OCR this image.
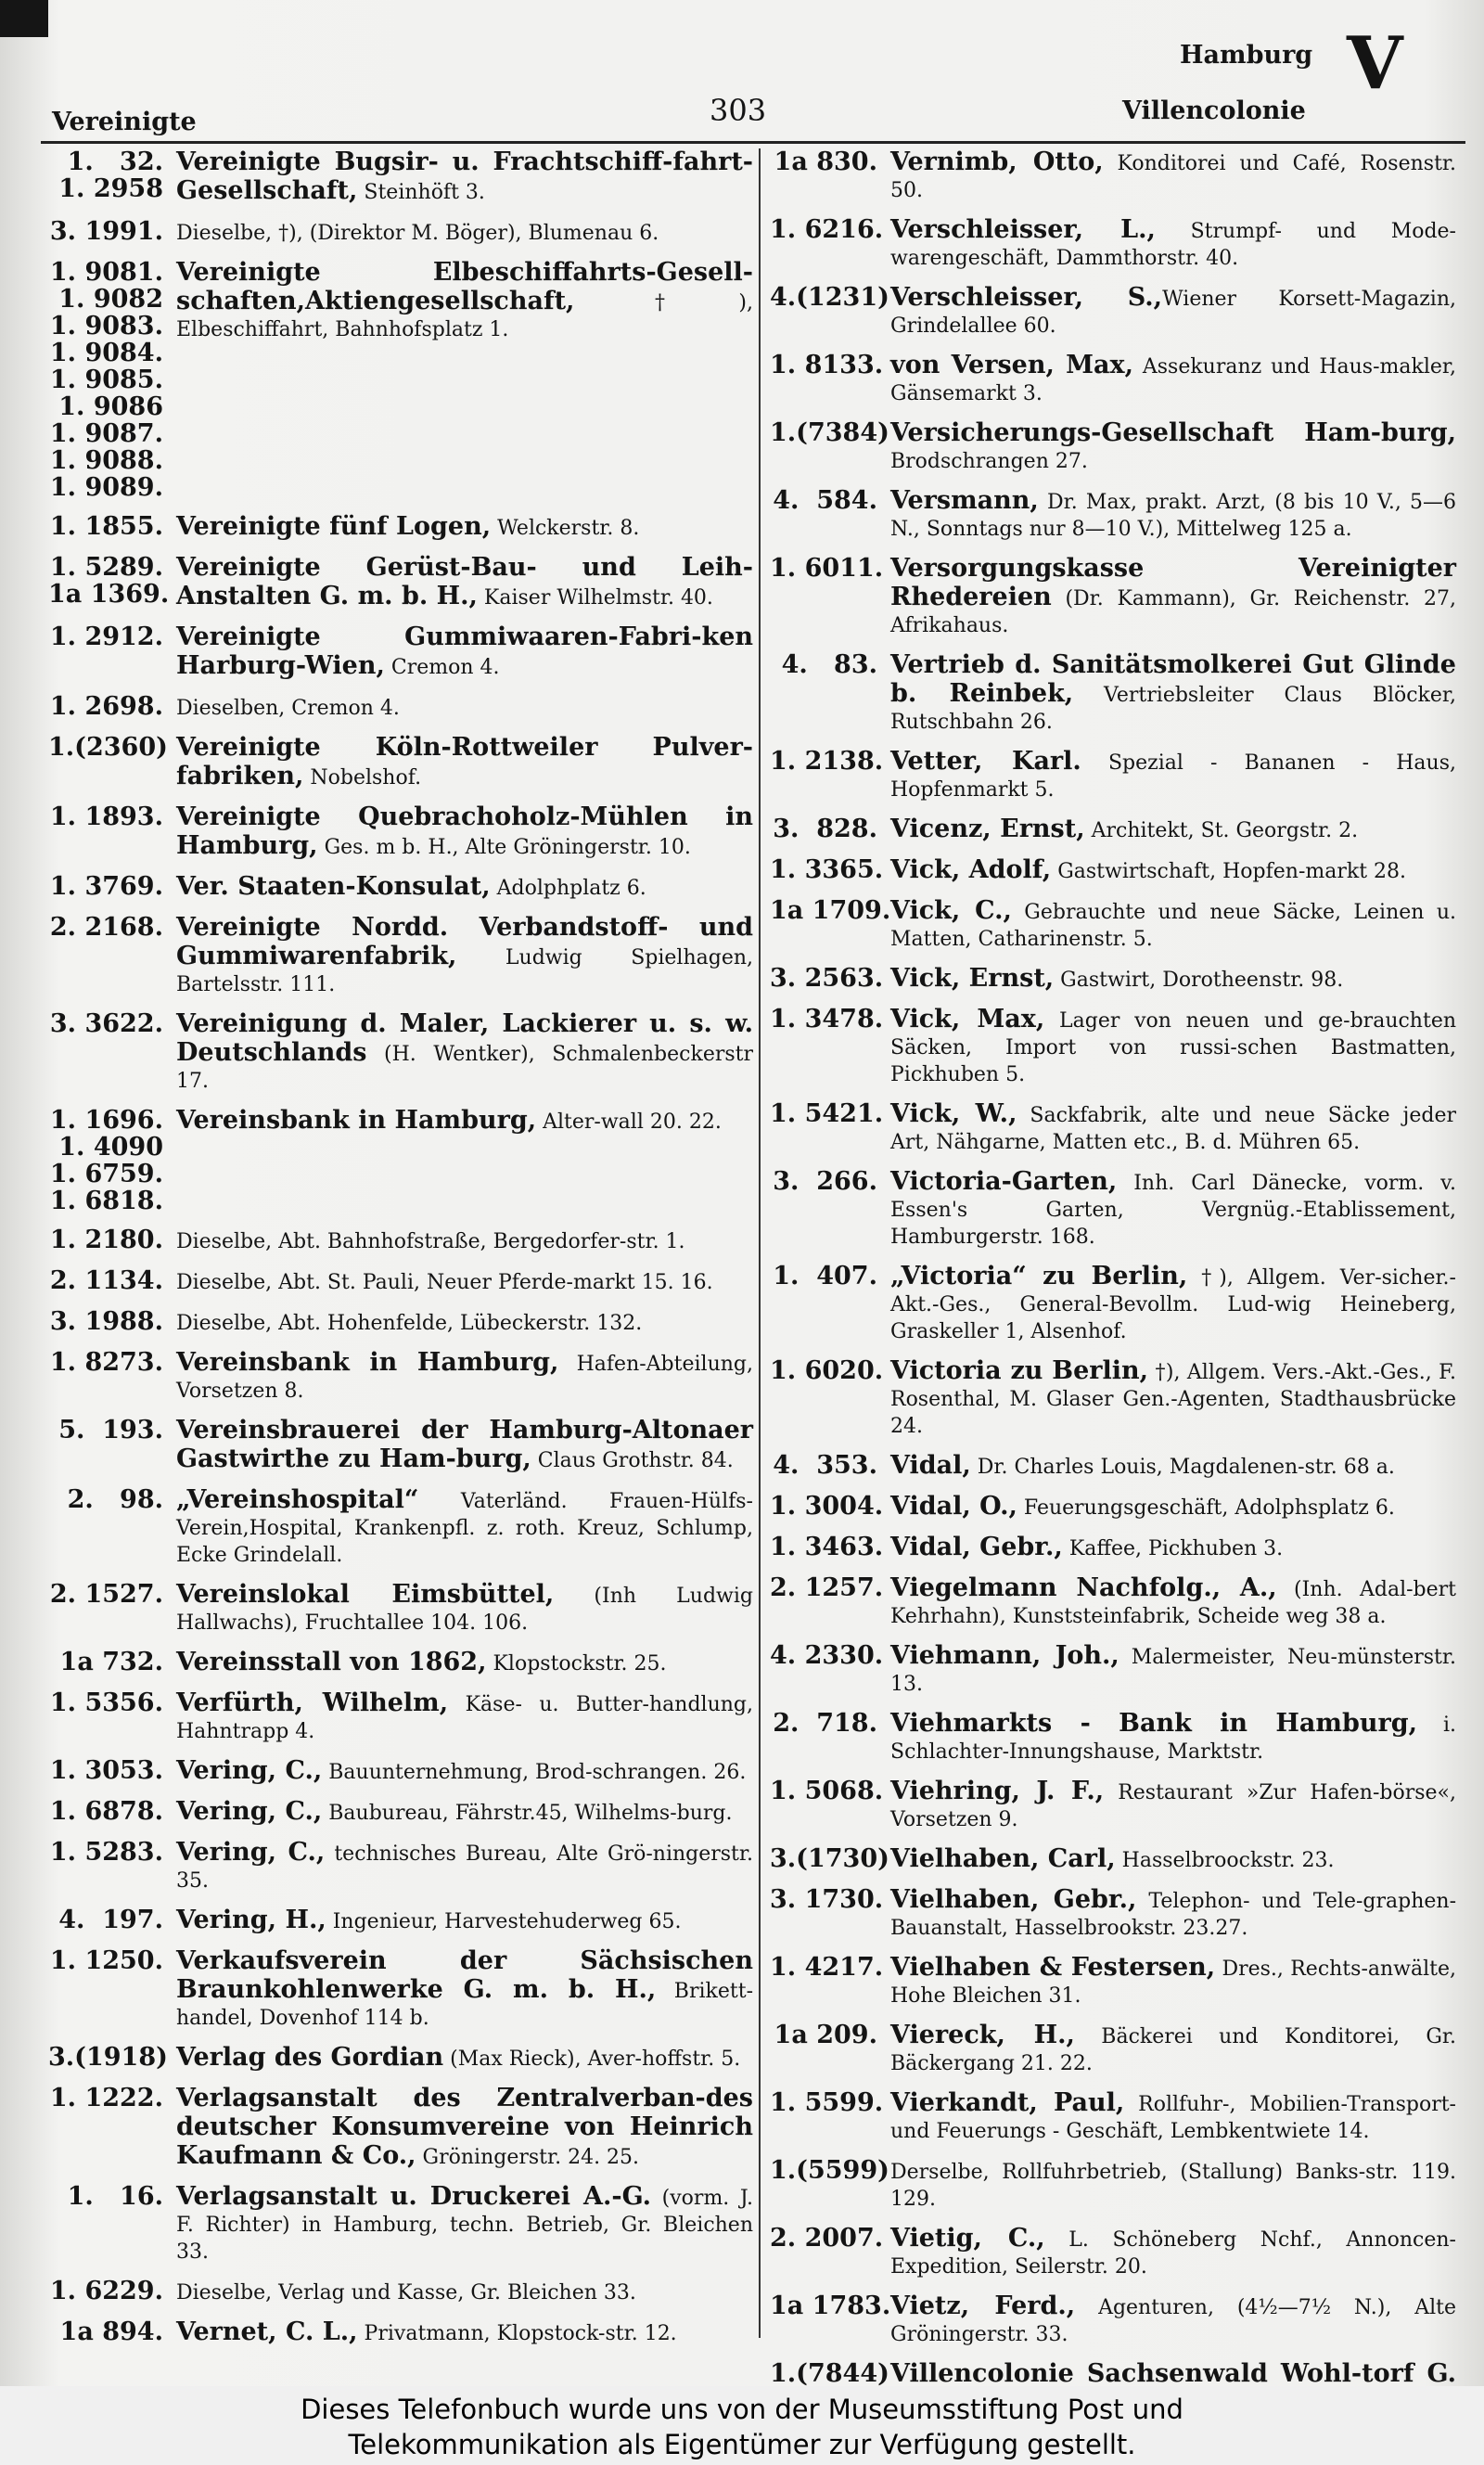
Vereinigte	303
Hamburg
Villencolonie
V
1.   32.
1. 2958
Vereinigte Bugsir- u. Frachtschiff-fahrt-Gesellschaft, Steinhöft 3.
3. 1991. Dieselbe, †), (Direktor M. Böger), Blumenau 6.
1. 9081.
1. 9082
1. 9083.
1. 9084.
1. 9085.
1. 9086
1. 9087.
1. 9088.
1. 9089.
Vereinigte Elbeschiffahrts-Gesell-schaften,Aktiengesellschaft, †), Elbeschiffahrt, Bahnhofsplatz 1.
1. 1855. Vereinigte fünf Logen, Welckerstr. 8.
1. 5289.
1a 1369.
Vereinigte Gerüst-Bau- und Leih-Anstalten G. m. b. H., Kaiser Wilhelmstr. 40.
1. 2912. Vereinigte Gummiwaaren-Fabri-ken Harburg-Wien, Cremon 4.
1. 2698. Dieselben, Cremon 4.
1.(2360) Vereinigte Köln-Rottweiler Pulver-fabriken, Nobelshof.
1. 1893. Vereinigte Quebrachoholz-Mühlen in Hamburg, Ges. m b. H., Alte Gröningerstr. 10.
1. 3769. Ver. Staaten-Konsulat, Adolphplatz 6.
2. 2168. Vereinigte Nordd. Verbandstoff- und Gummiwarenfabrik, Ludwig Spielhagen, Bartelsstr. 111.
3. 3622. Vereinigung d. Maler, Lackierer u. s. w. Deutschlands (H. Wentker), Schmalenbeckerstr 17.
1. 1696.
1. 4090
1. 6759.
1. 6818.
Vereinsbank in Hamburg, Alter-wall 20. 22.
1. 2180. Dieselbe, Abt. Bahnhofstraße, Bergedorfer-str. 1.
2. 1134. Dieselbe, Abt. St. Pauli, Neuer Pferde-markt 15. 16.
3. 1988. Dieselbe, Abt. Hohenfelde, Lübeckerstr. 132.
1. 8273. Vereinsbank in Hamburg, Hafen-Abteilung, Vorsetzen 8.
5.  193. Vereinsbrauerei der Hamburg-Altonaer Gastwirthe zu Ham-burg, Claus Grothstr. 84.
2.   98. „Vereinshospital“ Vaterländ. Frauen-Hülfs-Verein,Hospital, Krankenpfl. z. roth. Kreuz, Schlump, Ecke Grindelall.
2. 1527. Vereinslokal Eimsbüttel, (Inh Ludwig Hallwachs), Fruchtallee 104. 106.
1a 732. Vereinsstall von 1862, Klopstockstr. 25.
1. 5356. Verfürth, Wilhelm, Käse- u. Butter-handlung, Hahntrapp 4.
1. 3053. Vering, C., Bauunternehmung, Brod-schrangen. 26.
1. 6878. Vering, C., Baubureau, Fährstr.45, Wilhelms-burg.
1. 5283. Vering, C., technisches Bureau, Alte Grö-ningerstr. 35.
4.  197. Vering, H., Ingenieur, Harvestehuderweg 65.
1. 1250. Verkaufsverein der Sächsischen Braunkohlenwerke G. m. b. H., Briketthandel, Dovenhof 114 b.
3.(1918) Verlag des Gordian (Max Rieck), Aver-hoffstr. 5.
1. 1222. Verlagsanstalt des Zentralverban-des deutscher Konsumvereine von Heinrich Kaufmann & Co., Gröningerstr. 24. 25.
1.   16. Verlagsanstalt u. Druckerei A.-G. (vorm. J. F. Richter) in Hamburg, techn. Betrieb, Gr. Bleichen 33.
1. 6229. Dieselbe, Verlag und Kasse, Gr. Bleichen 33.
1a 894. Vernet, C. L., Privatmann, Klopstock-str. 12.
1a 830. Vernimb, Otto, Konditorei und Café, Rosenstr. 50.
1. 6216. Verschleisser, L., Strumpf- und Mode-warengeschäft, Dammthorstr. 40.
4.(1231) Verschleisser, S.,Wiener Korsett-Magazin, Grindelallee 60.
1. 8133. von Versen, Max, Assekuranz und Haus-makler, Gänsemarkt 3.
1.(7384) Versicherungs-Gesellschaft Ham-burg, Brodschrangen 27.
4.  584. Versmann, Dr. Max, prakt. Arzt, (8 bis 10 V., 5—6 N., Sonntags nur 8—10 V.), Mittelweg 125 a.
1. 6011. Versorgungskasse Vereinigter Rhedereien (Dr. Kammann), Gr. Reichenstr. 27, Afrikahaus.
4.   83. Vertrieb d. Sanitätsmolkerei Gut Glinde b. Reinbek, Vertriebsleiter Claus Blöcker, Rutschbahn 26.
1. 2138. Vetter, Karl. Spezial - Bananen - Haus, Hopfenmarkt 5.
3.  828. Vicenz, Ernst, Architekt, St. Georgstr. 2.
1. 3365. Vick, Adolf, Gastwirtschaft, Hopfen-markt 28.
1a 1709. Vick, C., Gebrauchte und neue Säcke, Leinen u. Matten, Catharinenstr. 5.
3. 2563. Vick, Ernst, Gastwirt, Dorotheenstr. 98.
1. 3478. Vick, Max, Lager von neuen und ge-brauchten Säcken, Import von russi-schen Bastmatten, Pickhuben 5.
1. 5421. Vick, W., Sackfabrik, alte und neue Säcke jeder Art, Nähgarne, Matten etc., B. d. Mühren 65.
3.  266. Victoria-Garten, Inh. Carl Dänecke, vorm. v. Essen's Garten, Vergnüg.-Etablissement, Hamburgerstr. 168.
1.  407. „Victoria“ zu Berlin, †), Allgem. Ver-sicher.-Akt.-Ges., General-Bevollm. Lud-wig Heineberg, Graskeller 1, Alsenhof.
1. 6020. Victoria zu Berlin, †), Allgem. Vers.-Akt.-Ges., F. Rosenthal, M. Glaser Gen.-Agenten, Stadthausbrücke 24.
4.  353. Vidal, Dr. Charles Louis, Magdalenen-str. 68 a.
1. 3004. Vidal, O., Feuerungsgeschäft, Adolphsplatz 6.
1. 3463. Vidal, Gebr., Kaffee, Pickhuben 3.
2. 1257. Viegelmann Nachfolg., A., (Inh. Adal-bert Kehrhahn), Kunststeinfabrik, Scheide weg 38 a.
4. 2330. Viehmann, Joh., Malermeister, Neu-münsterstr. 13.
2.  718. Viehmarkts - Bank in Hamburg, i. Schlachter-Innungshause, Marktstr.
1. 5068. Viehring, J. F., Restaurant »Zur Hafen-börse«, Vorsetzen 9.
3.(1730) Vielhaben, Carl, Hasselbroockstr. 23.
3. 1730. Vielhaben, Gebr., Telephon- und Tele-graphen-Bauanstalt, Hasselbrookstr. 23.27.
1. 4217. Vielhaben & Festersen, Dres., Rechts-anwälte, Hohe Bleichen 31.
1a 209. Viereck, H., Bäckerei und Konditorei, Gr. Bäckergang 21. 22.
1. 5599. Vierkandt, Paul, Rollfuhr-, Mobilien-Transport- und Feuerungs - Geschäft, Lembkentwiete 14.
1.(5599) Derselbe, Rollfuhrbetrieb, (Stallung) Banks-str. 119. 129.
2. 2007. Vietig, C., L. Schöneberg Nchf., Annoncen-Expedition, Seilerstr. 20.
1a 1783. Vietz, Ferd., Agenturen, (4½—7½ N.), Alte Gröningerstr. 33.
1.(7844) Villencolonie Sachsenwald Wohl-torf G.
Dieses Telefonbuch wurde uns von der Museumsstiftung Post und
Telekommunikation als Eigentümer zur Verfügung gestellt.
